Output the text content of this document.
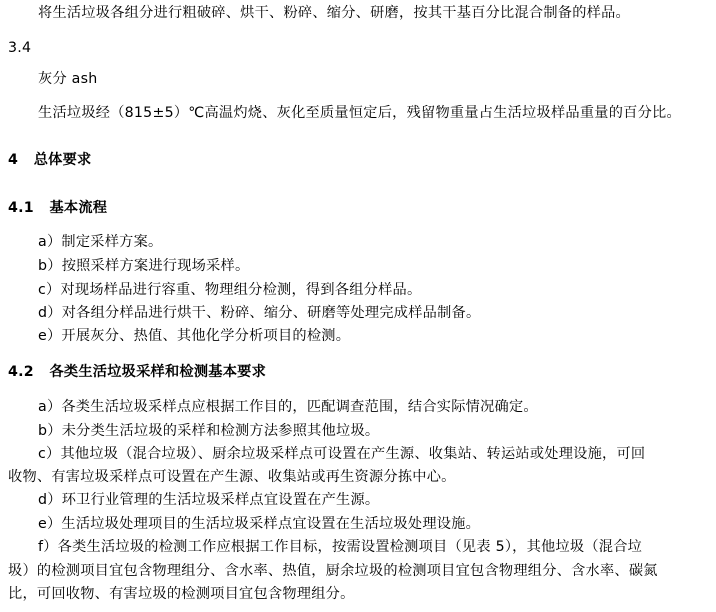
将生活垃圾各组分进行粗破碎、烘干、粉碎、缩分、研磨，按其干基百分比混合制备的样品。
3.4
灰分 ash
生活垃圾经（815±5）℃高温灼烧、灰化至质量恒定后，残留物重量占生活垃圾样品重量的百分比。
4 总体要求
4.1 基本流程
a）制定采样方案。
b）按照采样方案进行现场采样。
c）对现场样品进行容重、物理组分检测，得到各组分样品。
d）对各组分样品进行烘干、粉碎、缩分、研磨等处理完成样品制备。
e）开展灰分、热值、其他化学分析项目的检测。
4.2 各类生活垃圾采样和检测基本要求
a）各类生活垃圾采样点应根据工作目的，匹配调查范围，结合实际情况确定。
b）未分类生活垃圾的采样和检测方法参照其他垃圾。
c）其他垃圾（混合垃圾）、厨余垃圾采样点可设置在产生源、收集站、转运站或处理设施，可回
收物、有害垃圾采样点可设置在产生源、收集站或再生资源分拣中心。
d）环卫行业管理的生活垃圾采样点宜设置在产生源。
e）生活垃圾处理项目的生活垃圾采样点宜设置在生活垃圾处理设施。
f）各类生活垃圾的检测工作应根据工作目标，按需设置检测项目（见表 5），其他垃圾（混合垃
圾）的检测项目宜包含物理组分、含水率、热值，厨余垃圾的检测项目宜包含物理组分、含水率、碳氮
比，可回收物、有害垃圾的检测项目宜包含物理组分。
